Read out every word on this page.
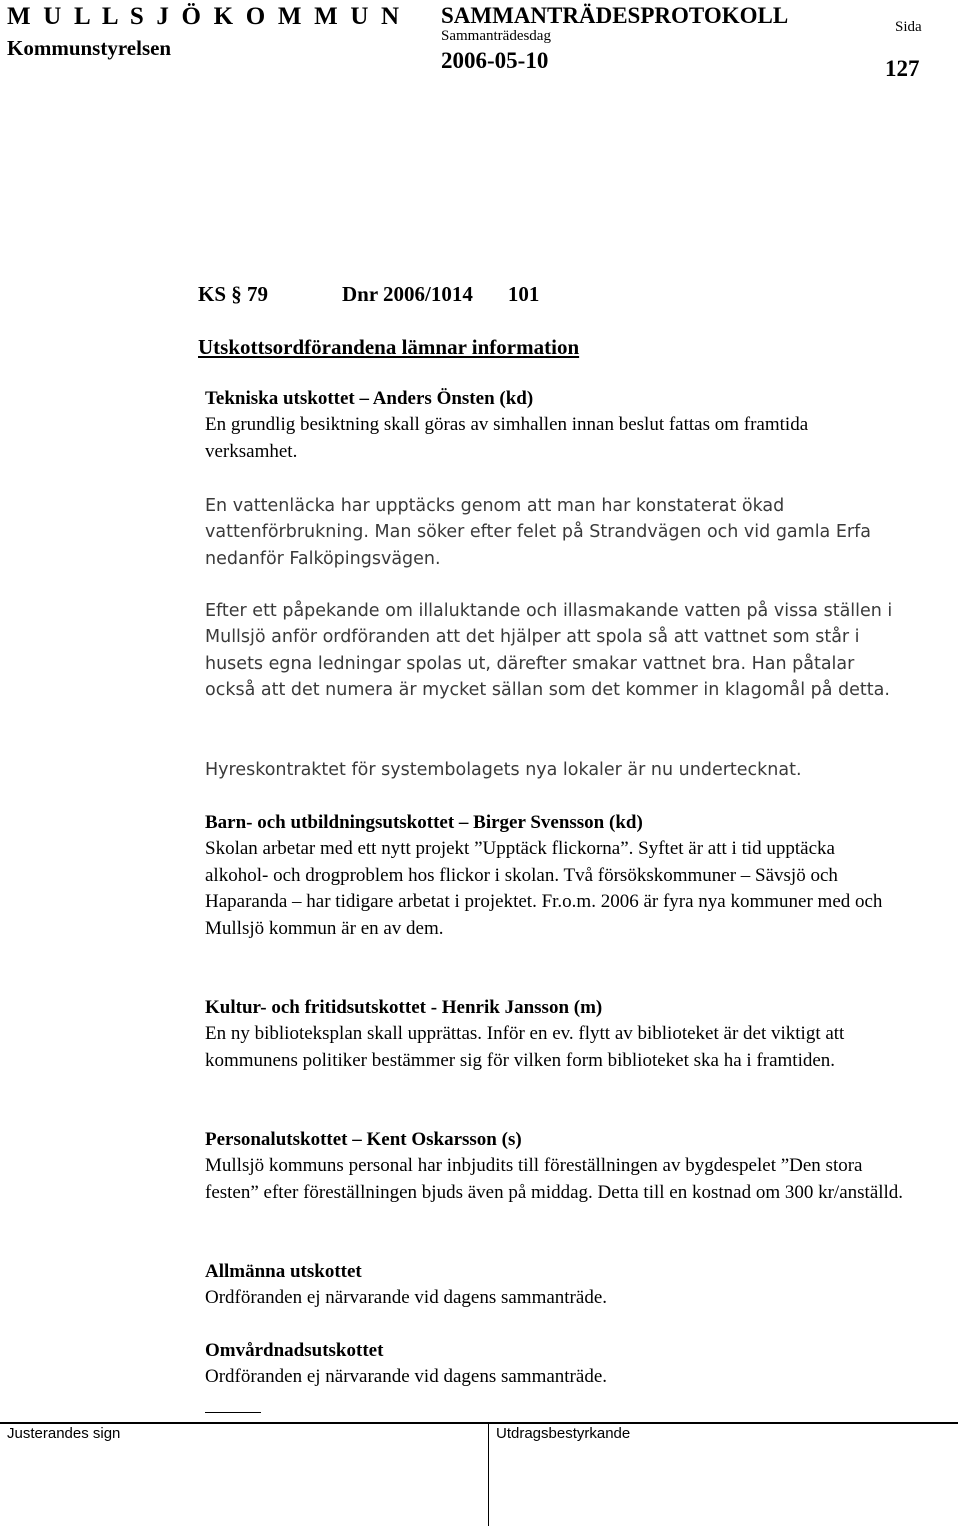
M U L L S J Ö K O M M U N
Kommunstyrelsen
SAMMANTRÄDESPROTOKOLL
Sammanträdesdag
2006-05-10
Sida
127
KS § 79	Dnr 2006/1014 101
Utskottsordförandena lämnar information

Tekniska utskottet – Anders Önsten (kd)

En grundlig besiktning skall göras av simhallen innan beslut fattas om framtida verksamhet.

En vattenläcka har upptäcks genom att man har konstaterat ökad vattenförbrukning. Man söker efter felet på Strandvägen och vid gamla Erfa nedanför Falköpingsvägen.
Efter ett påpekande om illaluktande och illasmakande vatten på vissa ställen i Mullsjö anför ordföranden att det hjälper att spola så att vattnet som står i husets egna ledningar spolas ut, därefter smakar vattnet bra. Han påtalar också att det numera är mycket sällan som det kommer in klagomål på detta.
Hyreskontraktet för systembolagets nya lokaler är nu undertecknat.

Barn- och utbildningsutskottet – Birger Svensson (kd)

Skolan arbetar med ett nytt projekt ”Upptäck flickorna”. Syftet är att i tid upptäcka alkohol- och drogproblem hos flickor i skolan. Två försökskommuner – Sävsjö och Haparanda – har tidigare arbetat i projektet. Fr.o.m. 2006 är fyra nya kommuner med och Mullsjö kommun är en av dem.

Kultur- och fritidsutskottet - Henrik Jansson (m)

En ny biblioteksplan skall upprättas. Inför en ev. flytt av biblioteket är det viktigt att kommunens politiker bestämmer sig för vilken form biblioteket ska ha i framtiden.

Personalutskottet – Kent Oskarsson (s)

Mullsjö kommuns personal har inbjudits till föreställningen av bygdespelet ”Den stora festen” efter föreställningen bjuds även på middag. Detta till en kostnad om 300 kr/anställd.

Allmänna utskottet

Ordföranden ej närvarande vid dagens sammanträde.

Omvårdnadsutskottet

Ordföranden ej närvarande vid dagens sammanträde.

Justerandes sign	Utdragsbestyrkande
